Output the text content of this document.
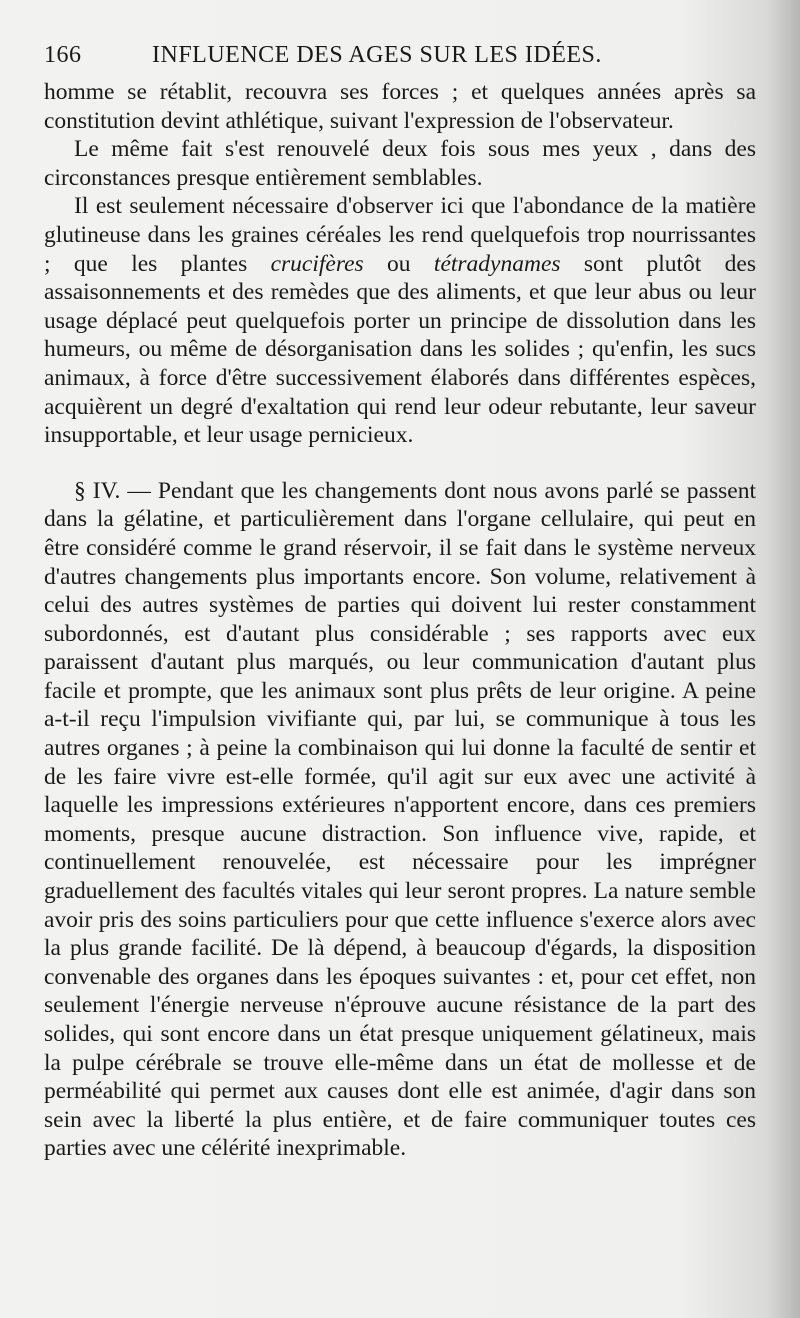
166	INFLUENCE DES AGES SUR LES IDÉES.

homme se rétablit, recouvra ses forces ; et quelques années après sa constitution devint athlétique, suivant l'expression de l'observateur.

Le même fait s'est renouvelé deux fois sous mes yeux , dans des circonstances presque entièrement semblables.

Il est seulement nécessaire d'observer ici que l'abondance de la matière glutineuse dans les graines céréales les rend quelquefois trop nourrissantes ; que les plantes crucifères ou tétradynames sont plutôt des assaisonnements et des remèdes que des aliments, et que leur abus ou leur usage déplacé peut quelquefois porter un principe de dissolution dans les humeurs, ou même de désorganisation dans les solides ; qu'enfin, les sucs animaux, à force d'être successivement élaborés dans différentes espèces, acquièrent un degré d'exaltation qui rend leur odeur rebutante, leur saveur insupportable, et leur usage pernicieux.

§ IV. — Pendant que les changements dont nous avons parlé se passent dans la gélatine, et particulièrement dans l'organe cellulaire, qui peut en être considéré comme le grand réservoir, il se fait dans le système nerveux d'autres changements plus importants encore. Son volume, relativement à celui des autres systèmes de parties qui doivent lui rester constamment subordonnés, est d'autant plus considérable ; ses rapports avec eux paraissent d'autant plus marqués, ou leur communication d'autant plus facile et prompte, que les animaux sont plus prêts de leur origine. A peine a-t-il reçu l'impulsion vivifiante qui, par lui, se communique à tous les autres organes ; à peine la combinaison qui lui donne la faculté de sentir et de les faire vivre est-elle formée, qu'il agit sur eux avec une activité à laquelle les impressions extérieures n'apportent encore, dans ces premiers moments, presque aucune distraction. Son influence vive, rapide, et continuellement renouvelée, est nécessaire pour les imprégner graduellement des facultés vitales qui leur seront propres. La nature semble avoir pris des soins particuliers pour que cette influence s'exerce alors avec la plus grande facilité. De là dépend, à beaucoup d'égards, la disposition convenable des organes dans les époques suivantes : et, pour cet effet, non seulement l'énergie nerveuse n'éprouve aucune résistance de la part des solides, qui sont encore dans un état presque uniquement gélatineux, mais la pulpe cérébrale se trouve elle-même dans un état de mollesse et de perméabilité qui permet aux causes dont elle est animée, d'agir dans son sein avec la liberté la plus entière, et de faire communiquer toutes ces parties avec une célérité inexprimable.
